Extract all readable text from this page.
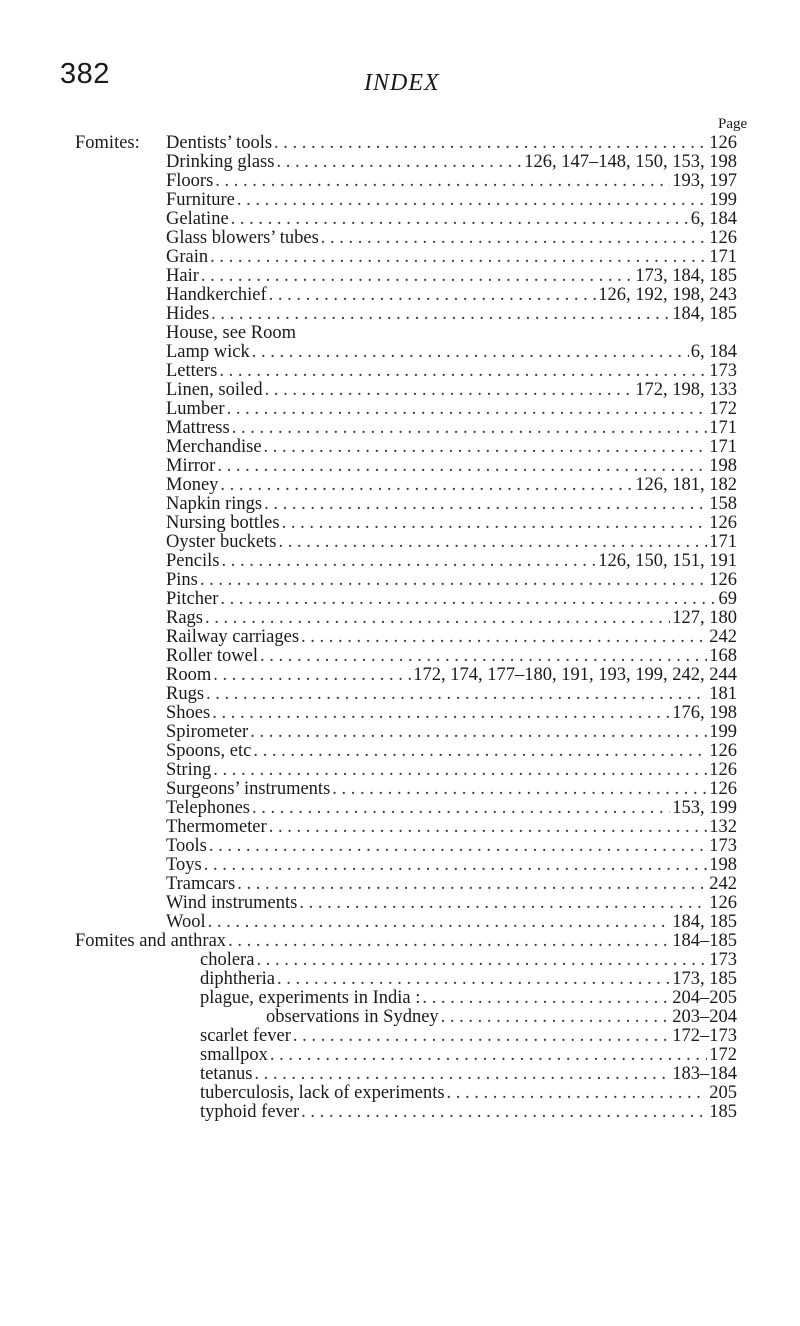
382	INDEX
Page
Fomites: Dentists’ tools . . .	126
Drinking glass . . .	126, 147–148, 150, 153, 198
Floors . . .	193, 197
Furniture . . .	199
Gelatine . . .	6, 184
Glass blowers’ tubes . . .	126
Grain . . .	171
Hair . . .	173, 184, 185
Handkerchief . . .	126, 192, 198, 243
Hides . . .	184, 185
House, see Room
Lamp wick . . .	6, 184
Letters . . .	173
Linen, soiled . . .	172, 198, 133
Lumber . . .	172
Mattress . . .	171
Merchandise . . .	171
Mirror . . .	198
Money . . .	126, 181, 182
Napkin rings . . .	158
Nursing bottles . . .	126
Oyster buckets . . .	171
Pencils . . .	126, 150, 151, 191
Pins . . .	126
Pitcher . . .	69
Rags . . .	127, 180
Railway carriages . . .	242
Roller towel . . .	168
Room . . .	172, 174, 177–180, 191, 193, 199, 242, 244
Rugs . . .	181
Shoes . . .	176, 198
Spirometer . . .	199
Spoons, etc . . .	126
String . . .	126
Surgeons’ instruments . . .	126
Telephones . . .	153, 199
Thermometer . . .	132
Tools . . .	173
Toys . . .	198
Tramcars . . .	242
Wind instruments . . .	126
Wool . . .	184, 185
Fomites and anthrax . . .	184–185
cholera . . .	173
diphtheria . . .	173, 185
plague, experiments in India : . . .	204–205
observations in Sydney . . .	203–204
scarlet fever . . .	172–173
smallpox . . .	172
tetanus . . .	183–184
tuberculosis, lack of experiments . . .	205
typhoid fever . . .	185
